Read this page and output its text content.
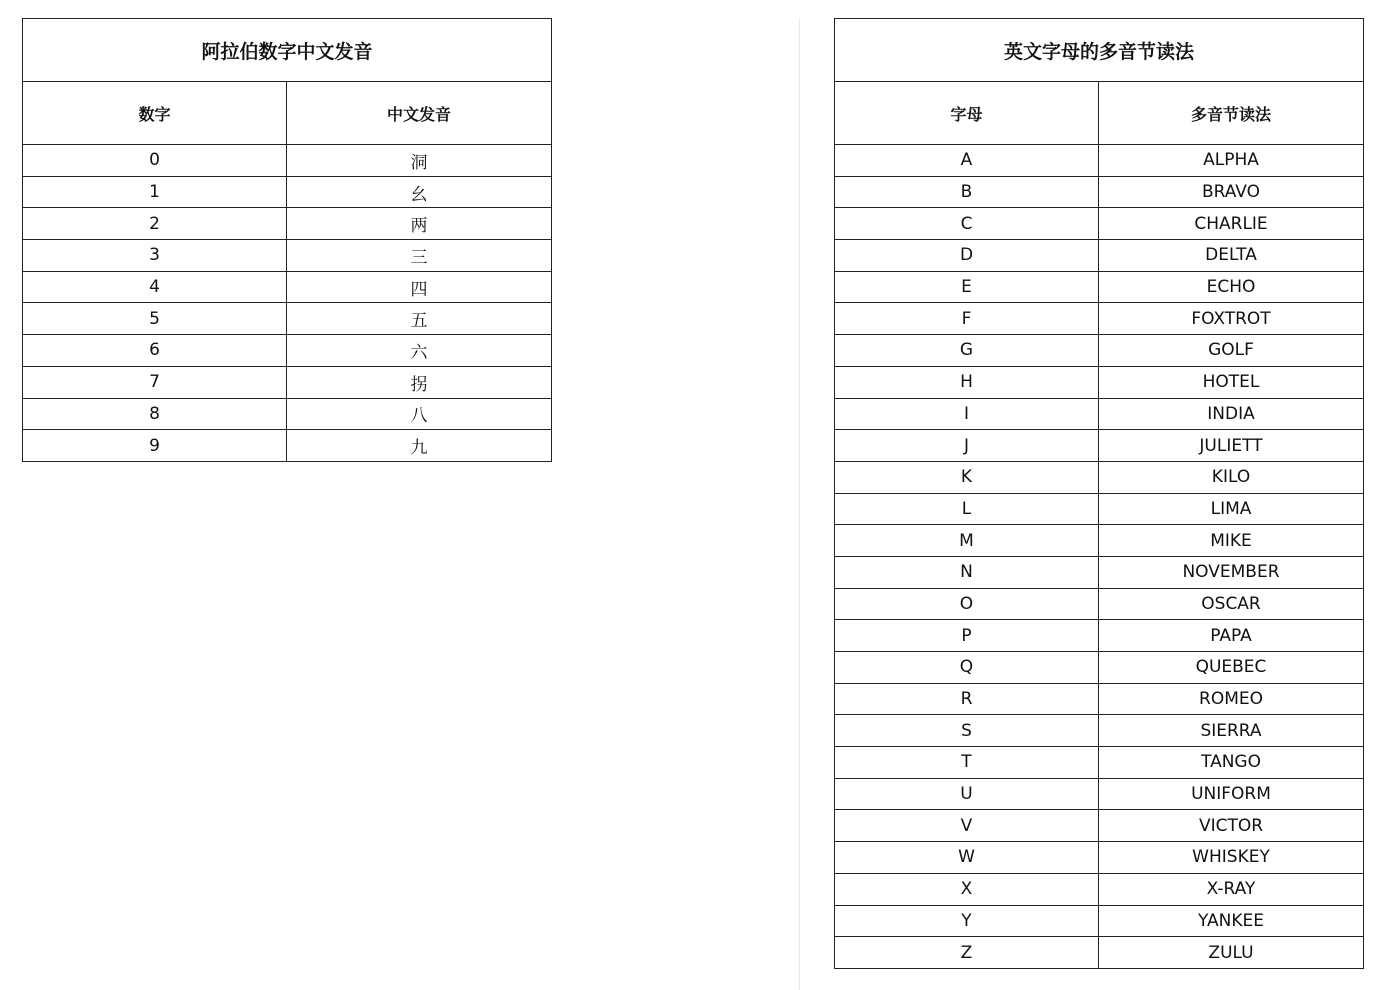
阿拉伯数字中文发音	
数字	中文发音
0	洞
1	幺
2	两
3	三
4	四
5	五
6	六
7	拐
8	八
9	九
英文字母的多音节读法	
字母	多音节读法
A	ALPHA
B	BRAVO
C	CHARLIE
D	DELTA
E	ECHO
F	FOXTROT
G	GOLF
H	HOTEL
I	INDIA
J	JULIETT
K	KILO
L	LIMA
M	MIKE
N	NOVEMBER
O	OSCAR
P	PAPA
Q	QUEBEC
R	ROMEO
S	SIERRA
T	TANGO
U	UNIFORM
V	VICTOR
W	WHISKEY
X	X-RAY
Y	YANKEE
Z	ZULU
